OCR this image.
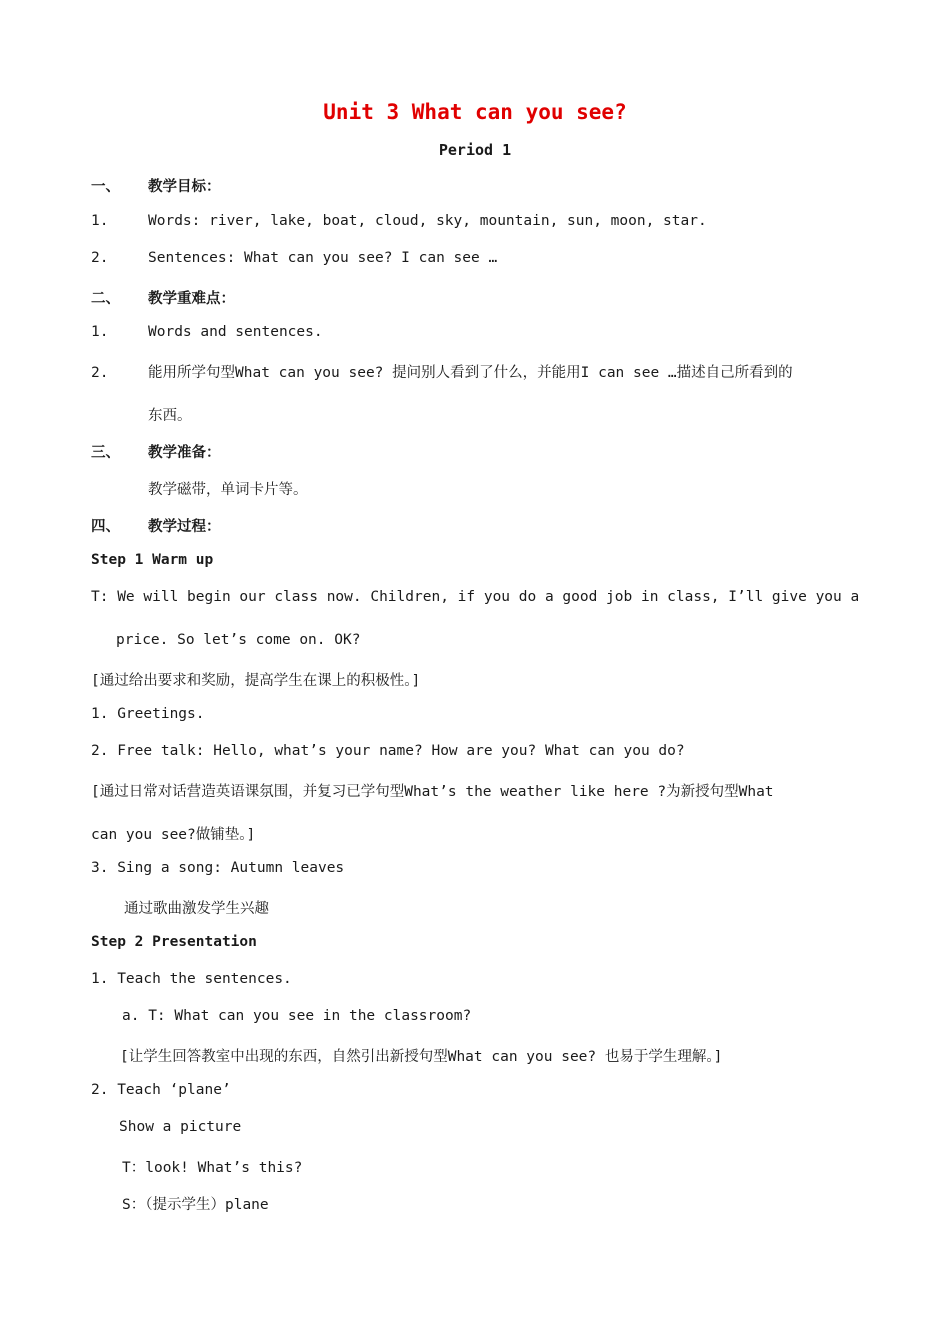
Unit 3 What can you see?
Period 1
一、 教学目标：
1.	Words: river, lake, boat, cloud, sky, mountain, sun, moon, star.
2.	Sentences: What can you see? I can see …
二、 教学重难点：
1.	Words and sentences.
2.	能用所学句型What can you see? 提问别人看到了什么，并能用I can see …描述自己所看到的
东西。
三、 教学准备：
教学磁带，单词卡片等。
四、 教学过程：
Step 1 Warm up
T: We will begin our class now. Children, if you do a good job in class, I’ll give you a
price. So let’s come on. OK?
[通过给出要求和奖励，提高学生在课上的积极性。]
1. Greetings.
2. Free talk: Hello, what’s your name? How are you? What can you do?
[通过日常对话营造英语课氛围，并复习已学句型What’s the weather like here ?为新授句型What
can you see?做铺垫。]
3. Sing a song: Autumn leaves
通过歌曲激发学生兴趣
Step 2 Presentation
1. Teach the sentences.
a. T: What can you see in the classroom?
[让学生回答教室中出现的东西，自然引出新授句型What can you see? 也易于学生理解。]
2. Teach ‘plane’
Show a picture
T：look! What’s this?
S：（提示学生）plane
